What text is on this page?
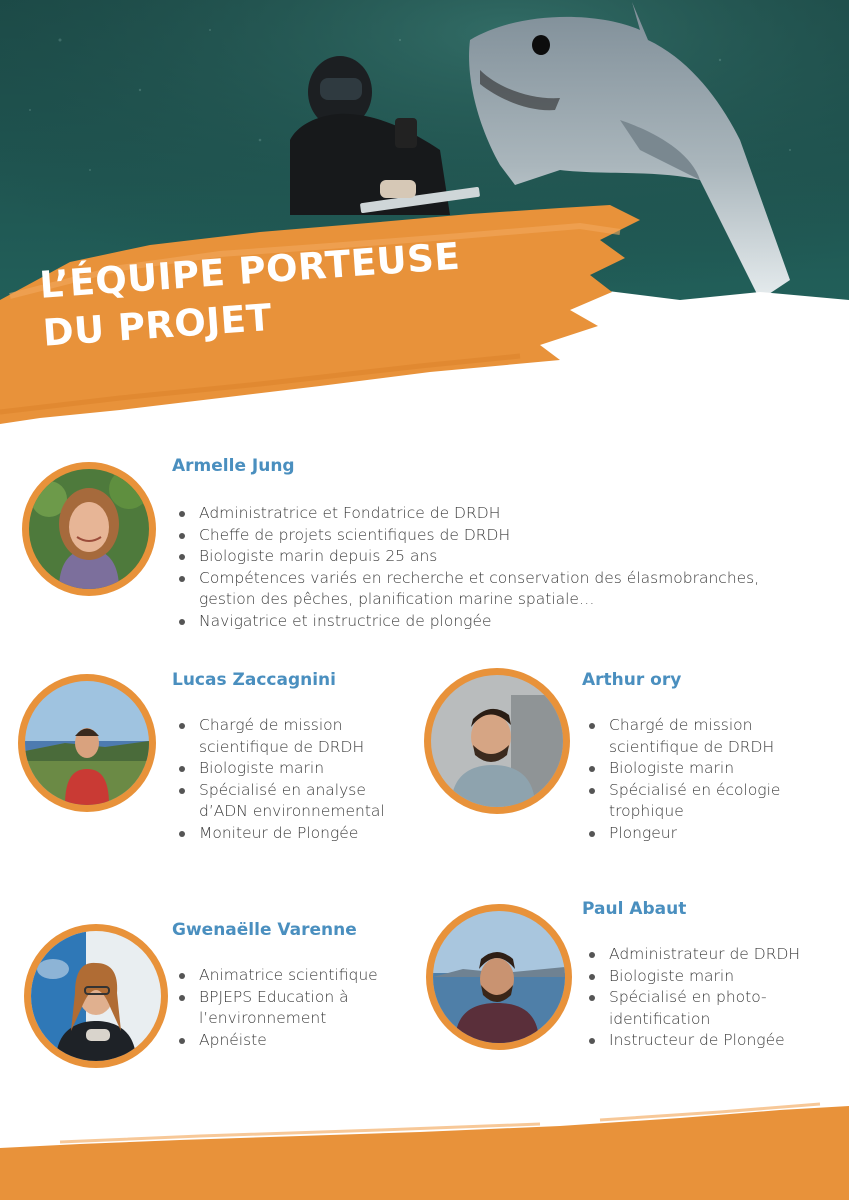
L’ÉQUIPE PORTEUSE
DU PROJET
Armelle Jung
Administratrice et Fondatrice de DRDH
Cheffe de projets scientifiques de DRDH
Biologiste marin depuis 25 ans
Compétences variés en recherche et conservation des élasmobranches, gestion des pêches, planification marine spatiale…
Navigatrice et instructrice de plongée
Lucas Zaccagnini
Chargé de mission scientifique de DRDH
Biologiste marin
Spécialisé en analyse d’ADN environnemental
Moniteur de Plongée
Arthur ory
Chargé de mission scientifique de DRDH
Biologiste marin
Spécialisé en écologie trophique
Plongeur
Gwenaëlle Varenne
Animatrice scientifique
BPJEPS Education à l’environnement
Apnéiste
Paul Abaut
Administrateur de DRDH
Biologiste marin
Spécialisé en photo-identification
Instructeur de Plongée
